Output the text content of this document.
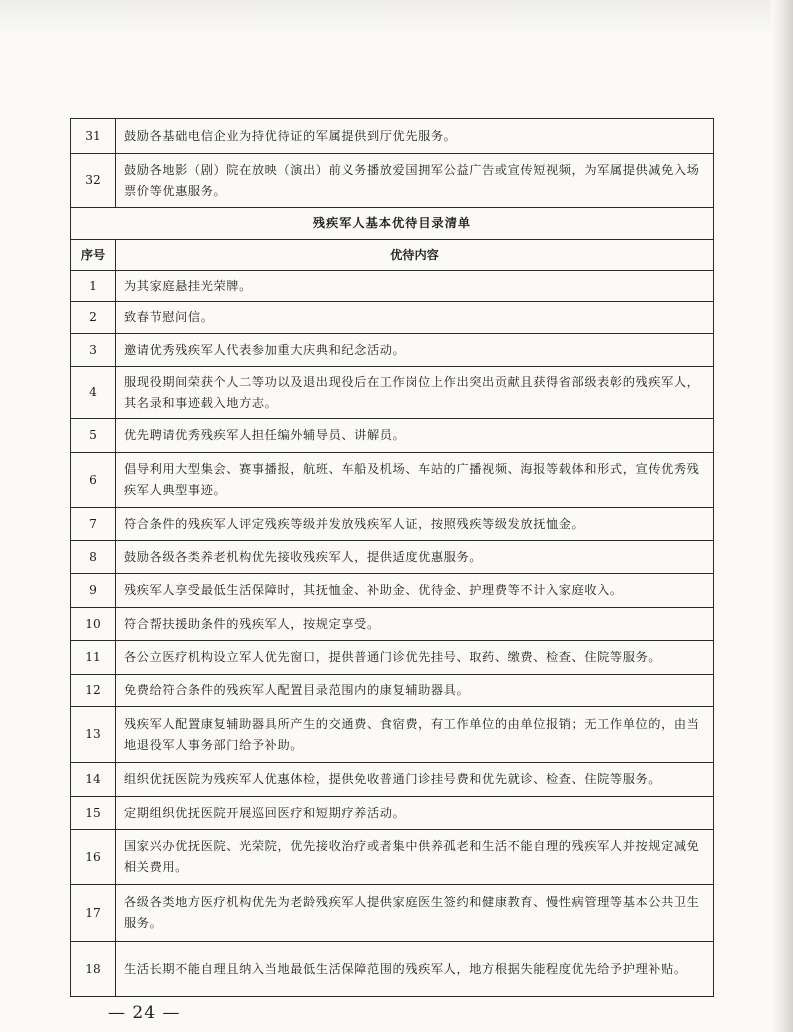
31	鼓励各基础电信企业为持优待证的军属提供到厅优先服务。
32	鼓励各地影（剧）院在放映（演出）前义务播放爱国拥军公益广告或宣传短视频，为军属提供减免入场票价等优惠服务。
残疾军人基本优待目录清单	
序号	优待内容
1	为其家庭悬挂光荣牌。
2	致春节慰问信。
3	邀请优秀残疾军人代表参加重大庆典和纪念活动。
4	服现役期间荣获个人二等功以及退出现役后在工作岗位上作出突出贡献且获得省部级表彰的残疾军人，其名录和事迹载入地方志。
5	优先聘请优秀残疾军人担任编外辅导员、讲解员。
6	倡导利用大型集会、赛事播报，航班、车船及机场、车站的广播视频、海报等载体和形式，宣传优秀残疾军人典型事迹。
7	符合条件的残疾军人评定残疾等级并发放残疾军人证，按照残疾等级发放抚恤金。
8	鼓励各级各类养老机构优先接收残疾军人，提供适度优惠服务。
9	残疾军人享受最低生活保障时，其抚恤金、补助金、优待金、护理费等不计入家庭收入。
10	符合帮扶援助条件的残疾军人，按规定享受。
11	各公立医疗机构设立军人优先窗口，提供普通门诊优先挂号、取药、缴费、检查、住院等服务。
12	免费给符合条件的残疾军人配置目录范围内的康复辅助器具。
13	残疾军人配置康复辅助器具所产生的交通费、食宿费，有工作单位的由单位报销；无工作单位的，由当地退役军人事务部门给予补助。
14	组织优抚医院为残疾军人优惠体检，提供免收普通门诊挂号费和优先就诊、检查、住院等服务。
15	定期组织优抚医院开展巡回医疗和短期疗养活动。
16	国家兴办优抚医院、光荣院，优先接收治疗或者集中供养孤老和生活不能自理的残疾军人并按规定减免相关费用。
17	各级各类地方医疗机构优先为老龄残疾军人提供家庭医生签约和健康教育、慢性病管理等基本公共卫生服务。
18	生活长期不能自理且纳入当地最低生活保障范围的残疾军人，地方根据失能程度优先给予护理补贴。
— 24 —
